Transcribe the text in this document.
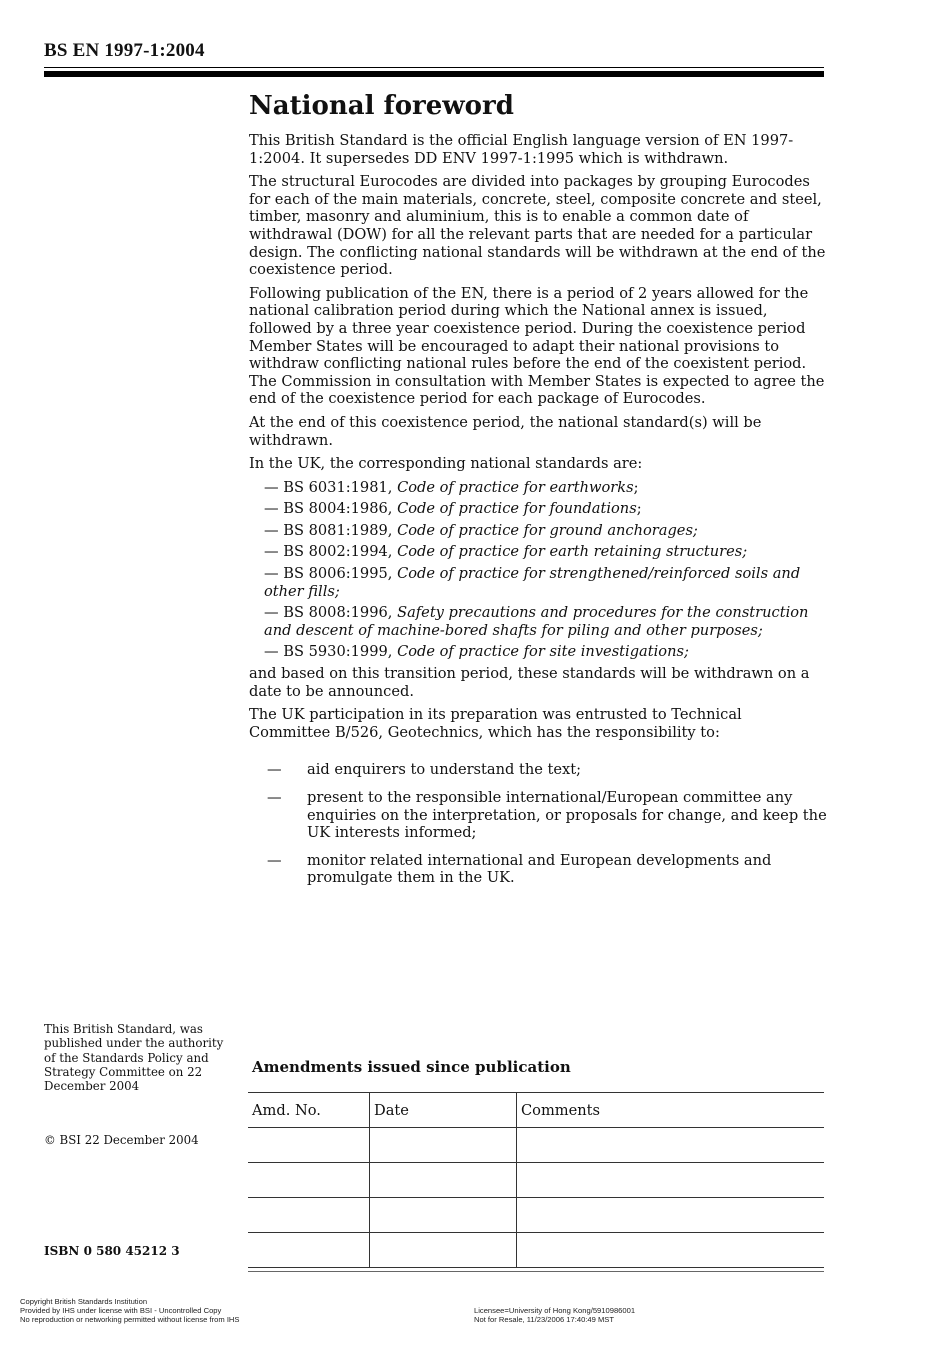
BS EN 1997-1:2004
National foreword

This British Standard is the official English language version of EN 1997-1:2004. It supersedes DD ENV 1997-1:1995 which is withdrawn.

The structural Eurocodes are divided into packages by grouping Eurocodes for each of the main materials, concrete, steel, composite concrete and steel, timber, masonry and aluminium, this is to enable a common date of withdrawal (DOW) for all the relevant parts that are needed for a particular design. The conflicting national standards will be withdrawn at the end of the coexistence period.

Following publication of the EN, there is a period of 2 years allowed for the national calibration period during which the National annex is issued, followed by a three year coexistence period. During the coexistence period Member States will be encouraged to adapt their national provisions to withdraw conflicting national rules before the end of the coexistent period. The Commission in consultation with Member States is expected to agree the end of the coexistence period for each package of Eurocodes.

At the end of this coexistence period, the national standard(s) will be withdrawn.

In the UK, the corresponding national standards are:

— BS 6031:1981, Code of practice for earthworks;
— BS 8004:1986, Code of practice for foundations;
— BS 8081:1989, Code of practice for ground anchorages;
— BS 8002:1994, Code of practice for earth retaining structures;
— BS 8006:1995, Code of practice for strengthened/reinforced soils and other fills;
— BS 8008:1996, Safety precautions and procedures for the construction and descent of machine-bored shafts for piling and other purposes;
— BS 5930:1999, Code of practice for site investigations;

and based on this transition period, these standards will be withdrawn on a date to be announced.

The UK participation in its preparation was entrusted to Technical Committee B/526, Geotechnics, which has the responsibility to:

—	aid enquirers to understand the text;
—	present to the responsible international/European committee any enquiries on the interpretation, or proposals for change, and keep the UK interests informed;
—	monitor related international and European developments and promulgate them in the UK.
This British Standard, was published under the authority of the Standards Policy and Strategy Committee on 22 December 2004
© BSI 22 December 2004
ISBN 0 580 45212 3
Amendments issued since publication
Amd. No.	Date	Comments

Copyright British Standards Institution
Provided by IHS under license with BSI - Uncontrolled Copy
No reproduction or networking permitted without license from IHS
Licensee=University of Hong Kong/5910986001
Not for Resale, 11/23/2006 17:40:49 MST
